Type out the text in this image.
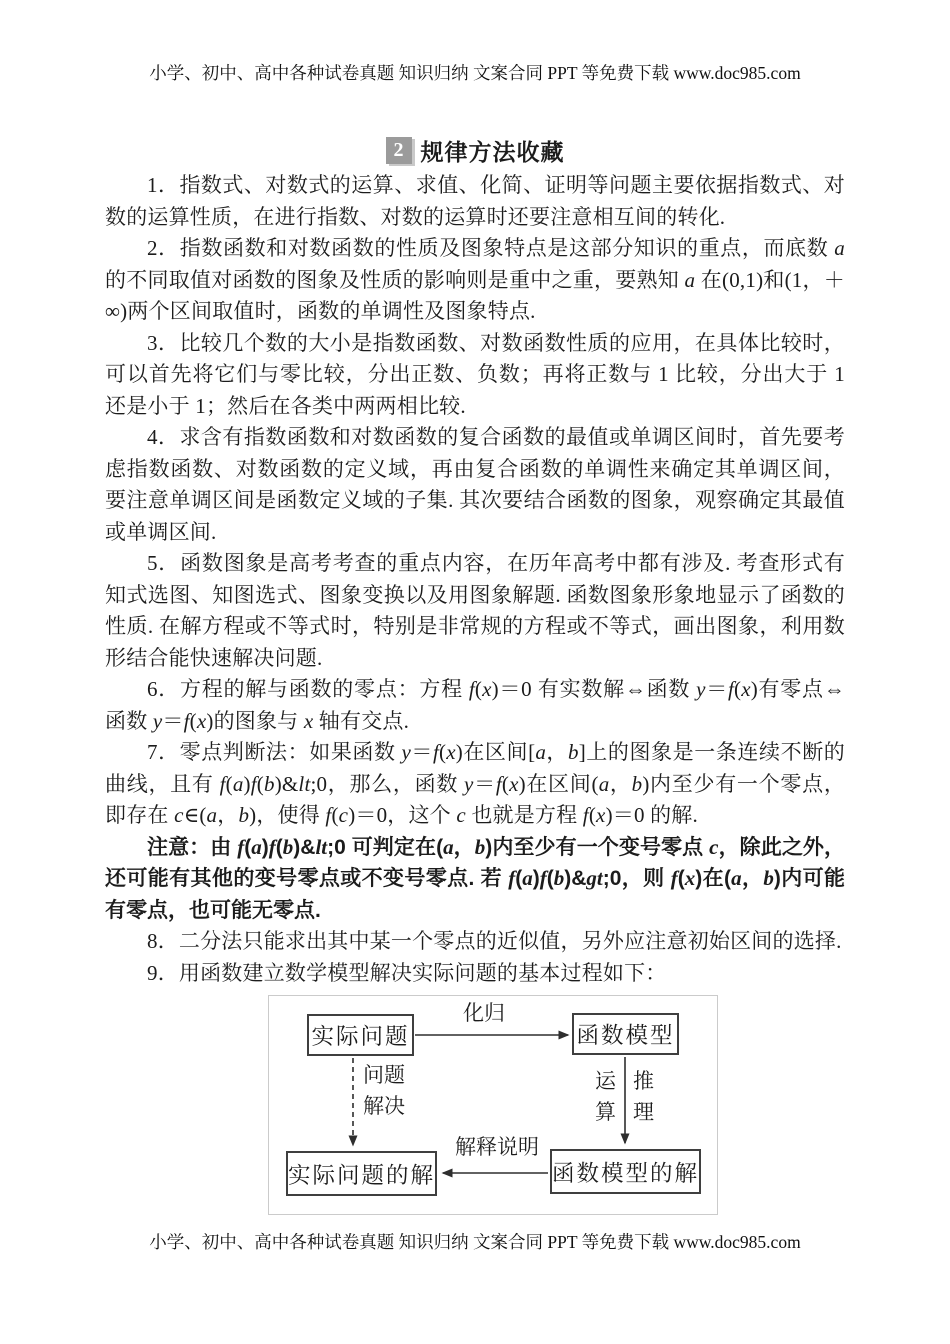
小学、初中、高中各种试卷真题 知识归纳 文案合同 PPT 等免费下载 www.doc985.com
2 规律方法收藏

1．指数式、对数式的运算、求值、化简、证明等问题主要依据指数式、对数的运算性质，在进行指数、对数的运算时还要注意相互间的转化.

2．指数函数和对数函数的性质及图象特点是这部分知识的重点，而底数 a 的不同取值对函数的图象及性质的影响则是重中之重，要熟知 a 在(0,1)和(1，＋∞)两个区间取值时，函数的单调性及图象特点.

3．比较几个数的大小是指数函数、对数函数性质的应用，在具体比较时，可以首先将它们与零比较，分出正数、负数；再将正数与 1 比较，分出大于 1 还是小于 1；然后在各类中两两相比较.

4．求含有指数函数和对数函数的复合函数的最值或单调区间时，首先要考虑指数函数、对数函数的定义域，再由复合函数的单调性来确定其单调区间，要注意单调区间是函数定义域的子集. 其次要结合函数的图象，观察确定其最值或单调区间.

5．函数图象是高考考查的重点内容，在历年高考中都有涉及. 考查形式有知式选图、知图选式、图象变换以及用图象解题. 函数图象形象地显示了函数的性质. 在解方程或不等式时，特别是非常规的方程或不等式，画出图象，利用数形结合能快速解决问题.

6．方程的解与函数的零点：方程 f(x)＝0 有实数解⇔函数 y＝f(x)有零点⇔函数 y＝f(x)的图象与 x 轴有交点.

7．零点判断法：如果函数 y＝f(x)在区间[a，b]上的图象是一条连续不断的曲线，且有 f(a)f(b)&lt;0，那么，函数 y＝f(x)在区间(a，b)内至少有一个零点，即存在 c∈(a，b)，使得 f(c)＝0，这个 c 也就是方程 f(x)＝0 的解.

注意：由 f(a)f(b)&lt;0 可判定在(a，b)内至少有一个变号零点 c，除此之外，还可能有其他的变号零点或不变号零点. 若 f(a)f(b)&gt;0，则 f(x)在(a，b)内可能有零点，也可能无零点.

8．二分法只能求出其中某一个零点的近似值，另外应注意初始区间的选择.

9．用函数建立数学模型解决实际问题的基本过程如下：

实际问题	函数模型
实际问题的解	函数模型的解
化归
问题
解决
运算
推理
解释说明
小学、初中、高中各种试卷真题 知识归纳 文案合同 PPT 等免费下载 www.doc985.com
